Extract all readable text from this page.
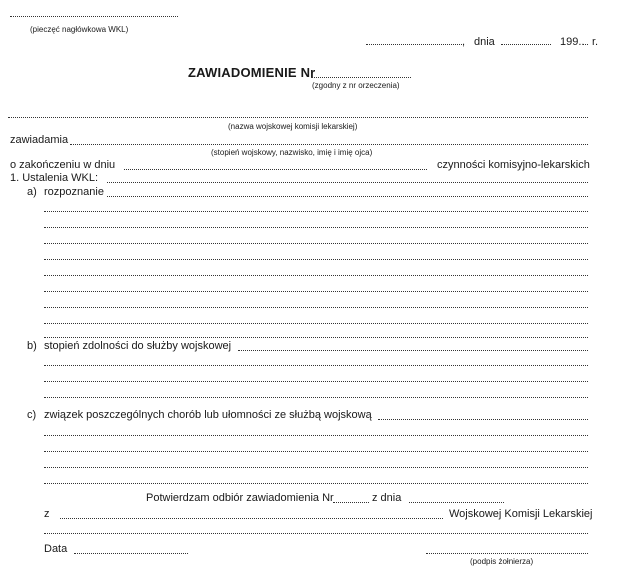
(pieczęć nagłówkowa WKL)
, dnia	199.. r.
ZAWIADOMIENIE Nr
(zgodny z nr orzeczenia)
(nazwa wojskowej komisji lekarskiej)
zawiadamia
(stopień wojskowy, nazwisko, imię i imię ojca)
o zakończeniu w dniu	czynności komisyjno-lekarskich
1. Ustalenia WKL:
a) rozpoznanie
b) stopień zdolności do służby wojskowej
c) związek poszczególnych chorób lub ułomności ze służbą wojskową
Potwierdzam odbiór zawiadomienia Nr	z dnia
z	Wojskowej Komisji Lekarskiej
Data
(podpis żołnierza)
